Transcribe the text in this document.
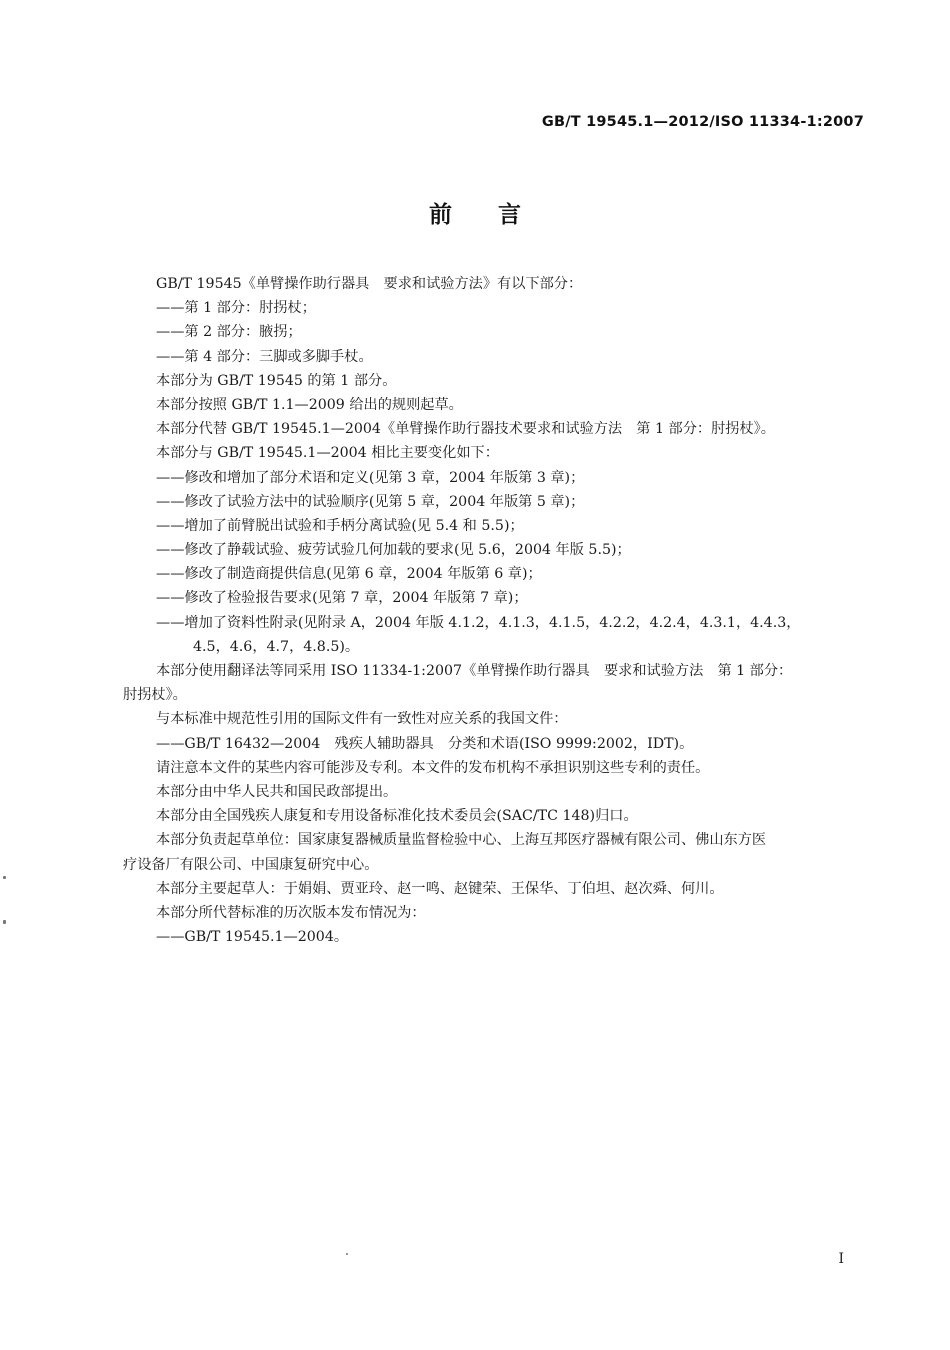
GB/T 19545.1—2012/ISO 11334-1:2007
前言
GB/T 19545《单臂操作助行器具　要求和试验方法》有以下部分：
——第 1 部分：肘拐杖；
——第 2 部分：腋拐；
——第 4 部分：三脚或多脚手杖。
本部分为 GB/T 19545 的第 1 部分。
本部分按照 GB/T 1.1—2009 给出的规则起草。
本部分代替 GB/T 19545.1—2004《单臂操作助行器技术要求和试验方法　第 1 部分：肘拐杖》。
本部分与 GB/T 19545.1—2004 相比主要变化如下：
——修改和增加了部分术语和定义(见第 3 章，2004 年版第 3 章)；
——修改了试验方法中的试验顺序(见第 5 章，2004 年版第 5 章)；
——增加了前臂脱出试验和手柄分离试验(见 5.4 和 5.5)；
——修改了静载试验、疲劳试验几何加载的要求(见 5.6，2004 年版 5.5)；
——修改了制造商提供信息(见第 6 章，2004 年版第 6 章)；
——修改了检验报告要求(见第 7 章，2004 年版第 7 章)；
——增加了资料性附录(见附录 A，2004 年版 4.1.2，4.1.3，4.1.5，4.2.2，4.2.4，4.3.1，4.4.3，
4.5，4.6，4.7，4.8.5)。
本部分使用翻译法等同采用 ISO 11334-1:2007《单臂操作助行器具　要求和试验方法　第 1 部分：
肘拐杖》。
与本标准中规范性引用的国际文件有一致性对应关系的我国文件：
——GB/T 16432—2004　残疾人辅助器具　分类和术语(ISO 9999:2002，IDT)。
请注意本文件的某些内容可能涉及专利。本文件的发布机构不承担识别这些专利的责任。
本部分由中华人民共和国民政部提出。
本部分由全国残疾人康复和专用设备标准化技术委员会(SAC/TC 148)归口。
本部分负责起草单位：国家康复器械质量监督检验中心、上海互邦医疗器械有限公司、佛山东方医
疗设备厂有限公司、中国康复研究中心。
本部分主要起草人：于娟娟、贾亚玲、赵一鸣、赵键荣、王保华、丁伯坦、赵次舜、何川。
本部分所代替标准的历次版本发布情况为：
——GB/T 19545.1—2004。
I
